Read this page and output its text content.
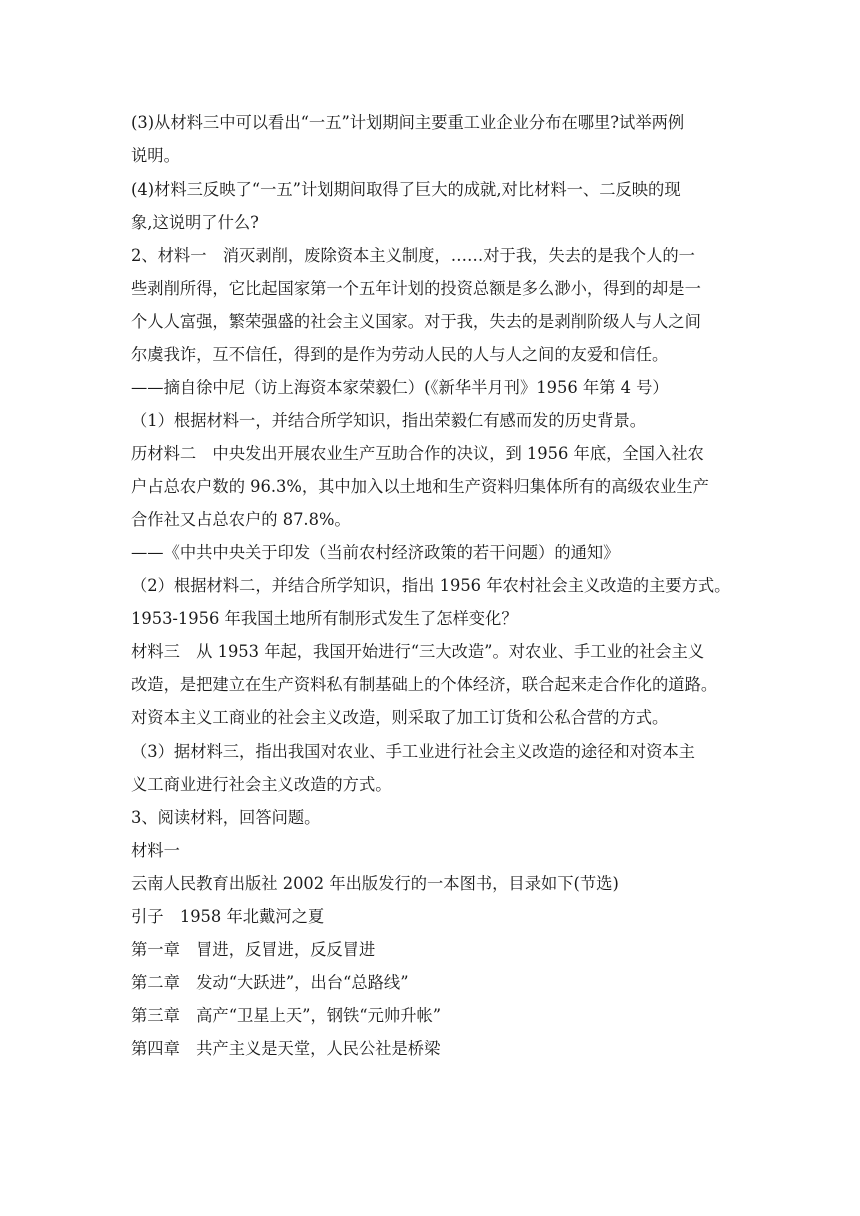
(3)从材料三中可以看出“一五”计划期间主要重工业企业分布在哪里?试举两例
说明。
(4)材料三反映了“一五”计划期间取得了巨大的成就,对比材料一、二反映的现
象,这说明了什么?
2、材料一　消灭剥削，废除资本主义制度，……对于我，失去的是我个人的一
些剥削所得，它比起国家第一个五年计划的投资总额是多么渺小，得到的却是一
个人人富强，繁荣强盛的社会主义国家。对于我，失去的是剥削阶级人与人之间
尔虞我诈，互不信任，得到的是作为劳动人民的人与人之间的友爱和信任。
——摘自徐中尼（访上海资本家荣毅仁）(《新华半月刊》1956 年第 4 号）
（1）根据材料一，并结合所学知识，指出荣毅仁有感而发的历史背景。
历材料二　中央发出开展农业生产互助合作的决议，到 1956 年底，全国入社农
户占总农户数的 96.3%，其中加入以土地和生产资料归集体所有的高级农业生产
合作社又占总农户的 87.8%。
——《中共中央关于印发（当前农村经济政策的若干问题）的通知》
（2）根据材料二，并结合所学知识，指出 1956 年农村社会主义改造的主要方式。
1953-1956 年我国土地所有制形式发生了怎样变化？
材料三　从 1953 年起，我国开始进行“三大改造”。对农业、手工业的社会主义
改造，是把建立在生产资料私有制基础上的个体经济，联合起来走合作化的道路。
对资本主义工商业的社会主义改造，则采取了加工订货和公私合营的方式。
（3）据材料三，指出我国对农业、手工业进行社会主义改造的途径和对资本主
义工商业进行社会主义改造的方式。
3、阅读材料，回答问题。
材料一
云南人民教育出版社 2002 年出版发行的一本图书，目录如下(节选)
引子　1958 年北戴河之夏
第一章　冒进，反冒进，反反冒进
第二章　发动“大跃进”，出台“总路线”
第三章　高产“卫星上天”，钢铁“元帅升帐”
第四章　共产主义是天堂，人民公社是桥梁
